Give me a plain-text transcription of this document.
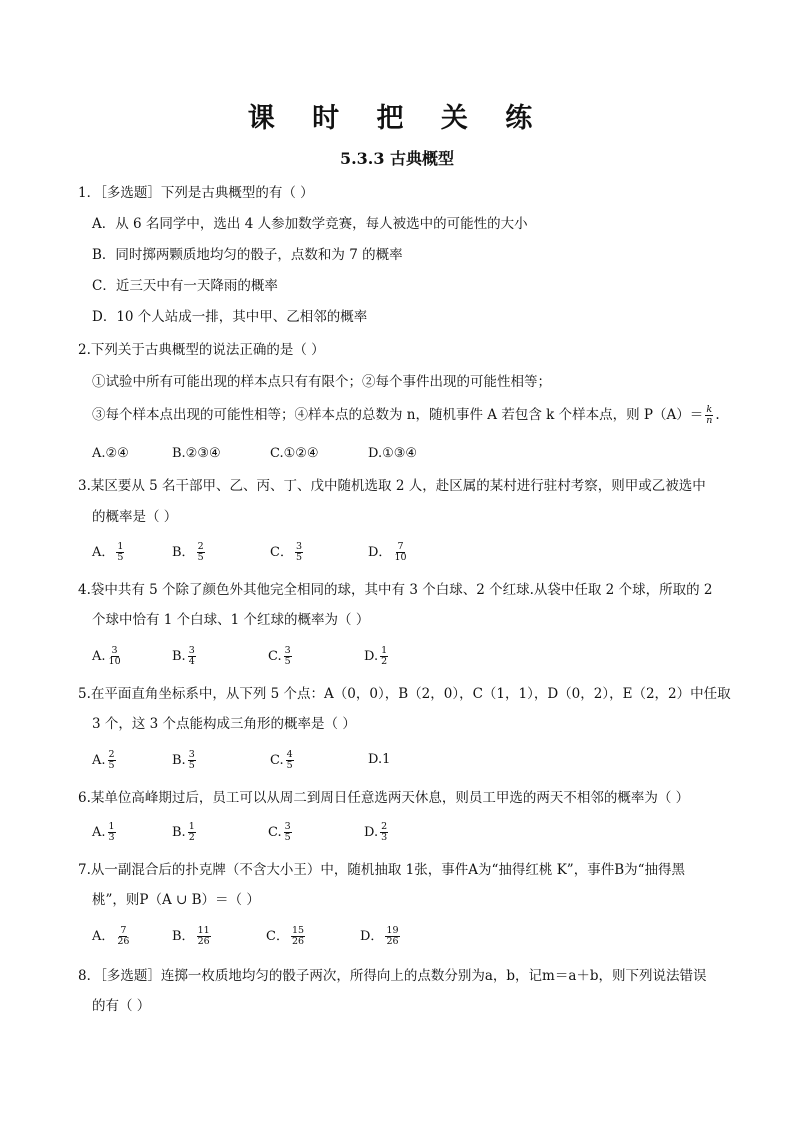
课 时 把 关 练
5.3.3 古典概型
1．［多选题］下列是古典概型的有（ ）
A．从 6 名同学中，选出 4 人参加数学竞赛，每人被选中的可能性的大小
B．同时掷两颗质地均匀的骰子，点数和为 7 的概率
C．近三天中有一天降雨的概率
D．10 个人站成一排，其中甲、乙相邻的概率
2.下列关于古典概型的说法正确的是（ ）
①试验中所有可能出现的样本点只有有限个；②每个事件出现的可能性相等；
③每个样本点出现的可能性相等；④样本点的总数为 n，随机事件 A 若包含 k 个样本点，则 $P(A)= \frac{k}{n}$ .
A.②④	B.②③④	C.①②④	D.①③④
3.某区要从 5 名干部甲、乙、丙、丁、戊中随机选取 2 人，赴区属的某村进行驻村考察，则甲或乙被选中
的概率是（ ）
A． $\frac{1}{5}$	B． $\frac{2}{5}$	C． $\frac{3}{5}$	D． $\frac{7}{10}$
4.袋中共有 5 个除了颜色外其他完全相同的球，其中有 3 个白球、2 个红球.从袋中任取 2 个球，所取的 2
个球中恰有 1 个白球、1 个红球的概率为（ ）
A. $\frac{3}{10}$	B. $\frac{3}{4}$	C. $\frac{3}{5}$	D. $\frac{1}{2}$
5.在平面直角坐标系中，从下列 5 个点：A（0，0），B（2，0），C（1，1），D（0，2），E（2，2）中任取
3 个，这 3 个点能构成三角形的概率是（ ）
A. $\frac{2}{5}$	B. $\frac{3}{5}$	C. $\frac{4}{5}$	D.1
6.某单位高峰期过后，员工可以从周二到周日任意选两天休息，则员工甲选的两天不相邻的概率为（ ）
A. $\frac{1}{3}$	B. $\frac{1}{2}$	C. $\frac{3}{5}$	D. $\frac{2}{3}$
7.从一副混合后的扑克牌（不含大小王）中，随机抽取 1张，事件A为“抽得红桃 K”，事件B为“抽得黑
桃”，则P（A ∪ B）＝（ ）
A． $\frac{7}{26}$	B． $\frac{11}{26}$	C． $\frac{15}{26}$	D． $\frac{19}{26}$
8．［多选题］连掷一枚质地均匀的骰子两次，所得向上的点数分别为a，b，记m＝a＋b，则下列说法错误
的有（ ）
